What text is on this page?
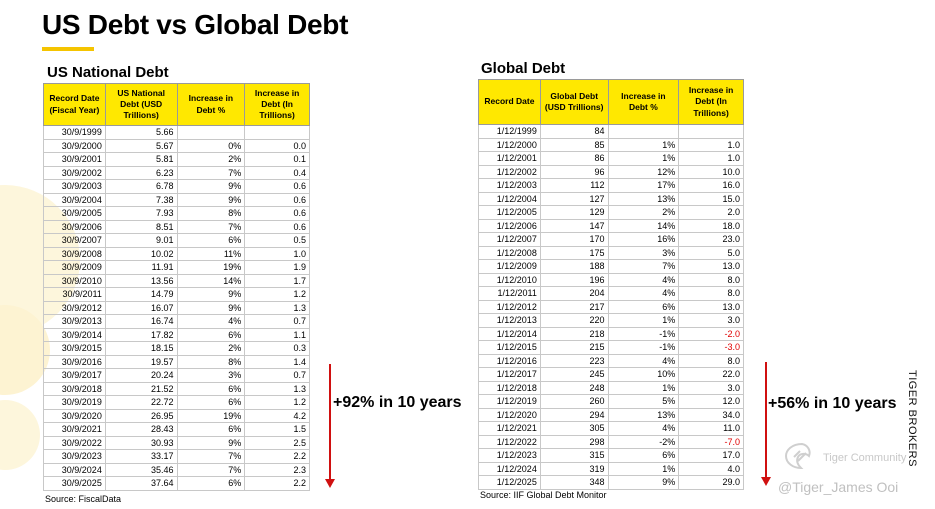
US Debt vs Global Debt
US National Debt
Record Date (Fiscal Year)	US National Debt (USD Trillions)	Increase in Debt %	Increase in Debt (In Trillions)
30/9/1999	5.66		
30/9/2000	5.67	0%	0.0
30/9/2001	5.81	2%	0.1
30/9/2002	6.23	7%	0.4
30/9/2003	6.78	9%	0.6
30/9/2004	7.38	9%	0.6
30/9/2005	7.93	8%	0.6
30/9/2006	8.51	7%	0.6
30/9/2007	9.01	6%	0.5
30/9/2008	10.02	11%	1.0
30/9/2009	11.91	19%	1.9
30/9/2010	13.56	14%	1.7
30/9/2011	14.79	9%	1.2
30/9/2012	16.07	9%	1.3
30/9/2013	16.74	4%	0.7
30/9/2014	17.82	6%	1.1
30/9/2015	18.15	2%	0.3
30/9/2016	19.57	8%	1.4
30/9/2017	20.24	3%	0.7
30/9/2018	21.52	6%	1.3
30/9/2019	22.72	6%	1.2
30/9/2020	26.95	19%	4.2
30/9/2021	28.43	6%	1.5
30/9/2022	30.93	9%	2.5
30/9/2023	33.17	7%	2.2
30/9/2024	35.46	7%	2.3
30/9/2025	37.64	6%	2.2
Global Debt
Record Date	Global Debt (USD Trillions)	Increase in Debt %	Increase in Debt (In Trillions)
1/12/1999	84		
1/12/2000	85	1%	1.0
1/12/2001	86	1%	1.0
1/12/2002	96	12%	10.0
1/12/2003	112	17%	16.0
1/12/2004	127	13%	15.0
1/12/2005	129	2%	2.0
1/12/2006	147	14%	18.0
1/12/2007	170	16%	23.0
1/12/2008	175	3%	5.0
1/12/2009	188	7%	13.0
1/12/2010	196	4%	8.0
1/12/2011	204	4%	8.0
1/12/2012	217	6%	13.0
1/12/2013	220	1%	3.0
1/12/2014	218	-1%	-2.0
1/12/2015	215	-1%	-3.0
1/12/2016	223	4%	8.0
1/12/2017	245	10%	22.0
1/12/2018	248	1%	3.0
1/12/2019	260	5%	12.0
1/12/2020	294	13%	34.0
1/12/2021	305	4%	11.0
1/12/2022	298	-2%	-7.0
1/12/2023	315	6%	17.0
1/12/2024	319	1%	4.0
1/12/2025	348	9%	29.0
+92% in 10 years
Source: FiscalData
+56% in 10 years
Source: IIF Global Debt Monitor
TIGER BROKERS
Tiger Community
@Tiger_James Ooi
